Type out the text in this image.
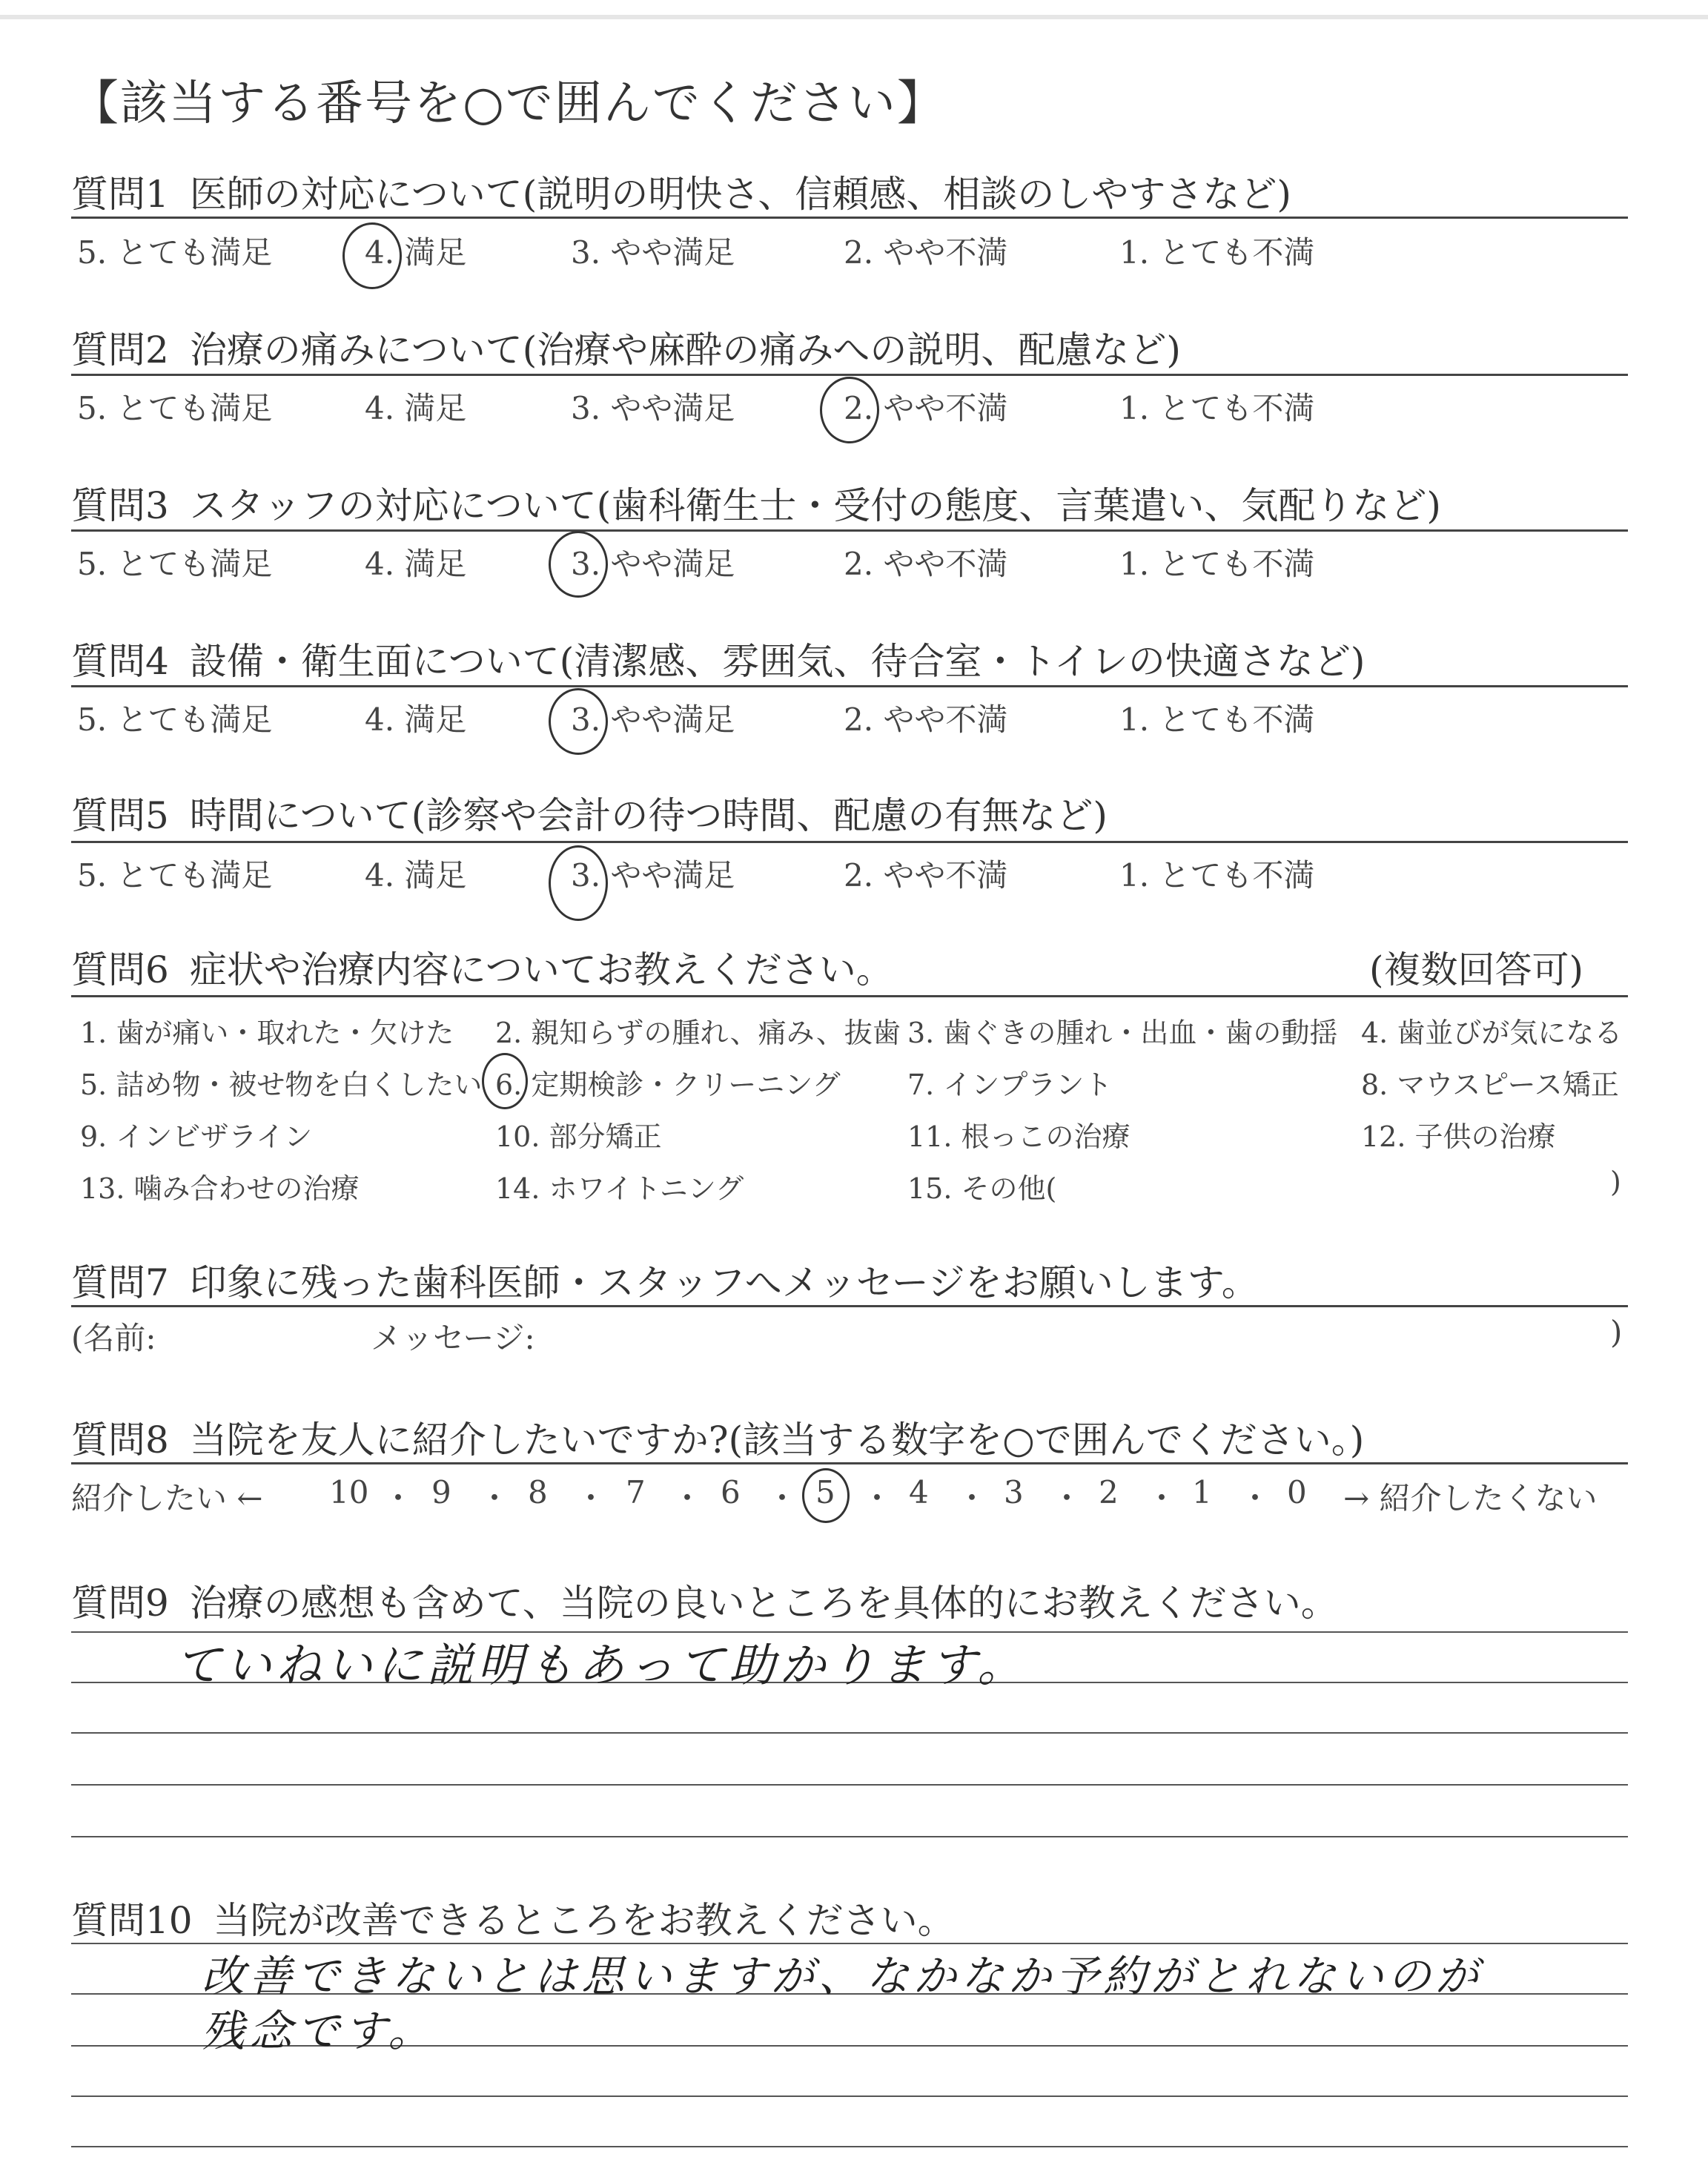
【該当する番号を○で囲んでください】
質問1 医師の対応について(説明の明快さ、信頼感、相談のしやすさなど)
5. とても満足	4. 満足	3. やや満足	2. やや不満	1. とても不満
質問2 治療の痛みについて(治療や麻酔の痛みへの説明、配慮など)
5. とても満足	4. 満足	3. やや満足	2. やや不満	1. とても不満
質問3 スタッフの対応について(歯科衛生士・受付の態度、言葉遣い、気配りなど)
5. とても満足	4. 満足	3. やや満足	2. やや不満	1. とても不満
質問4 設備・衛生面について(清潔感、雰囲気、待合室・トイレの快適さなど)
5. とても満足	4. 満足	3. やや満足	2. やや不満	1. とても不満
質問5 時間について(診察や会計の待つ時間、配慮の有無など)
5. とても満足	4. 満足	3. やや満足	2. やや不満	1. とても不満
質問6 症状や治療内容についてお教えください。	(複数回答可)
1. 歯が痛い・取れた・欠けた 2. 親知らずの腫れ、痛み、抜歯 3. 歯ぐきの腫れ・出血・歯の動揺 4. 歯並びが気になる
5. 詰め物・被せ物を白くしたい 6. 定期検診・クリーニング 7. インプラント	8. マウスピース矯正
9. インビザライン	10. 部分矯正	11. 根っこの治療	12. 子供の治療
13. 噛み合わせの治療	14. ホワイトニング	15. その他(	)
質問7 印象に残った歯科医師・スタッフへメッセージをお願いします。
(名前:	メッセージ:	)
質問8 当院を友人に紹介したいですか?(該当する数字を○で囲んでください。)
紹介したい ← 10 9 8	7 6 5 4 3 2 1 0
・ ・ ・ ・ ・ ・ ・ ・ ・ ・ → 紹介したくない
質問9 治療の感想も含めて、当院の良いところを具体的にお教えください。
ていねいに説明もあって助かります。
質問10 当院が改善できるところをお教えください。
改善できないとは思いますが、なかなか予約がとれないのが
残念です。
